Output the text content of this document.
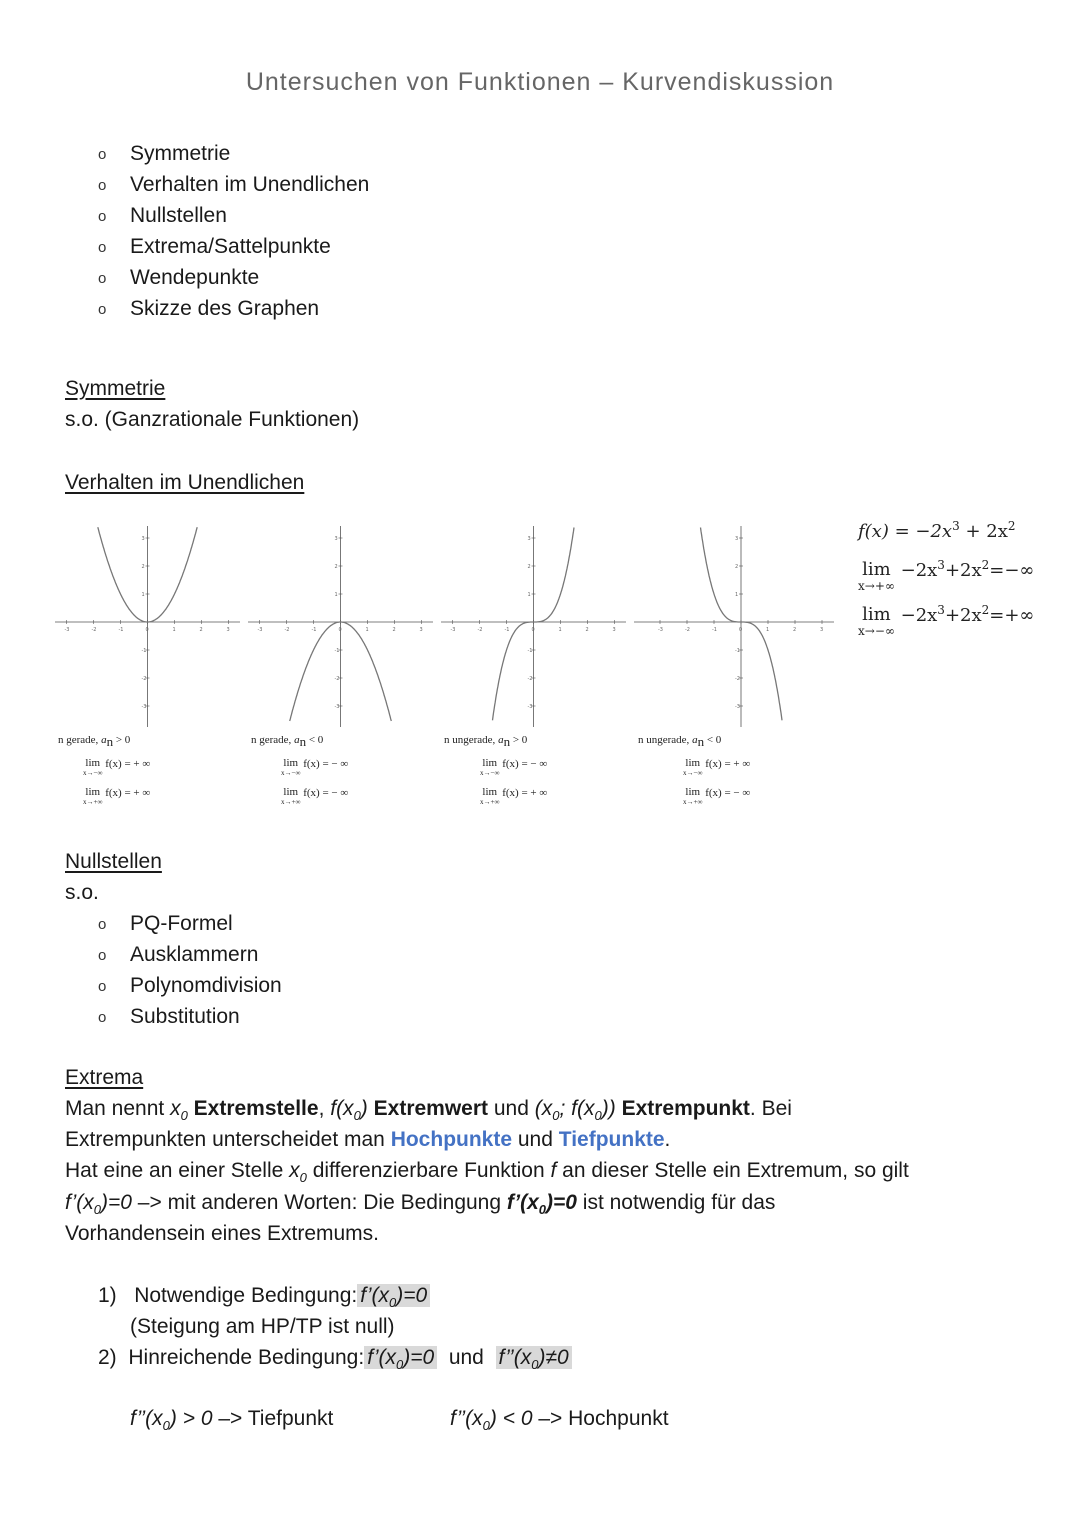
Untersuchen von Funktionen – Kurvendiskussion
o Symmetrie
o Verhalten im Unendlichen
o Nullstellen
o Extrema/Sattelpunkte
o Wendepunkte
o Skizze des Graphen
Symmetrie
s.o. (Ganzrationale Funktionen)
Verhalten im Unendlichen
-3
-3
-2
-2
-1
-1
0	1
1
2
2
3
3
-3
-3
-2
-2
-1
-1
0	1
1
2
2
3
3
-3
-3
-2
-2
-1
-1
0	1
1
2
2
3
3
-3
-3
-2
-2
-1
-1
0	1
1
2
2
3
3
n gerade, $a_n > 0$
lim
x→−∞
f(x) = + ∞
lim
x→+∞
f(x) = + ∞
n gerade, $a_n < 0$
lim
x→−∞
f(x) = − ∞
lim
x→+∞
f(x) = − ∞
n ungerade, $a_n > 0$
lim
x→−∞
f(x) = − ∞
lim
x→+∞
f(x) = + ∞
n ungerade, $a_n < 0$
lim
x→−∞
f(x) = + ∞
lim
x→+∞
f(x) = − ∞
$f(x) = -2x^3 + 2x^2$
lim
x→+∞
$-2x^3+2x^2=-\infty$
lim
x→−∞
$-2x^3+2x^2=+\infty$
Nullstellen
s.o.
o PQ-Formel
o Ausklammern
o Polynomdivision
o Substitution
Extrema
Man nennt $x_0$ Extremstelle, $f(x_0)$ Extremwert und ($x_0$; $f(x_0)$) Extrempunkt. Bei
Extrempunkten unterscheidet man Hochpunkte und Tiefpunkte.
Hat eine an einer Stelle $x_0$ differenzierbare Funktion f an dieser Stelle ein Extremum, so gilt
$f’(x_0)=0$ –> mit anderen Worten: Die Bedingung $f’(x_0)=0$ ist notwendig für das
Vorhandensein eines Extremums.
1) Notwendige Bedingung: $f’(x_0)=0$
(Steigung am HP/TP ist null)
2) Hinreichende Bedingung: $f’(x_0)=0$ und $f’’(x_0)\ne 0$
$f’’(x_0) > 0$ –> Tiefpunkt	$f’’(x_0) < 0$ –> Hochpunkt
